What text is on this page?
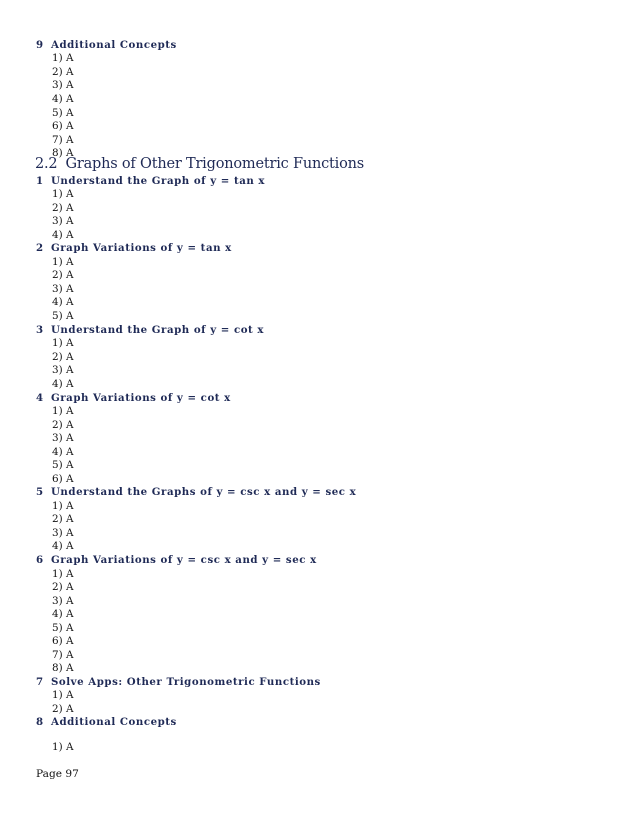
9 Additional Concepts
1) A
2) A
3) A
4) A
5) A
6) A
7) A
8) A
2.2 Graphs of Other Trigonometric Functions
1 Understand the Graph of y = tan x
1) A
2) A
3) A
4) A
2 Graph Variations of y = tan x
1) A
2) A
3) A
4) A
5) A
3 Understand the Graph of y = cot x
1) A
2) A
3) A
4) A
4 Graph Variations of y = cot x
1) A
2) A
3) A
4) A
5) A
6) A
5 Understand the Graphs of y = csc x and y = sec x
1) A
2) A
3) A
4) A
6 Graph Variations of y = csc x and y = sec x
1) A
2) A
3) A
4) A
5) A
6) A
7) A
8) A
7 Solve Apps: Other Trigonometric Functions
1) A
2) A
8 Additional Concepts
1) A
Page 97
